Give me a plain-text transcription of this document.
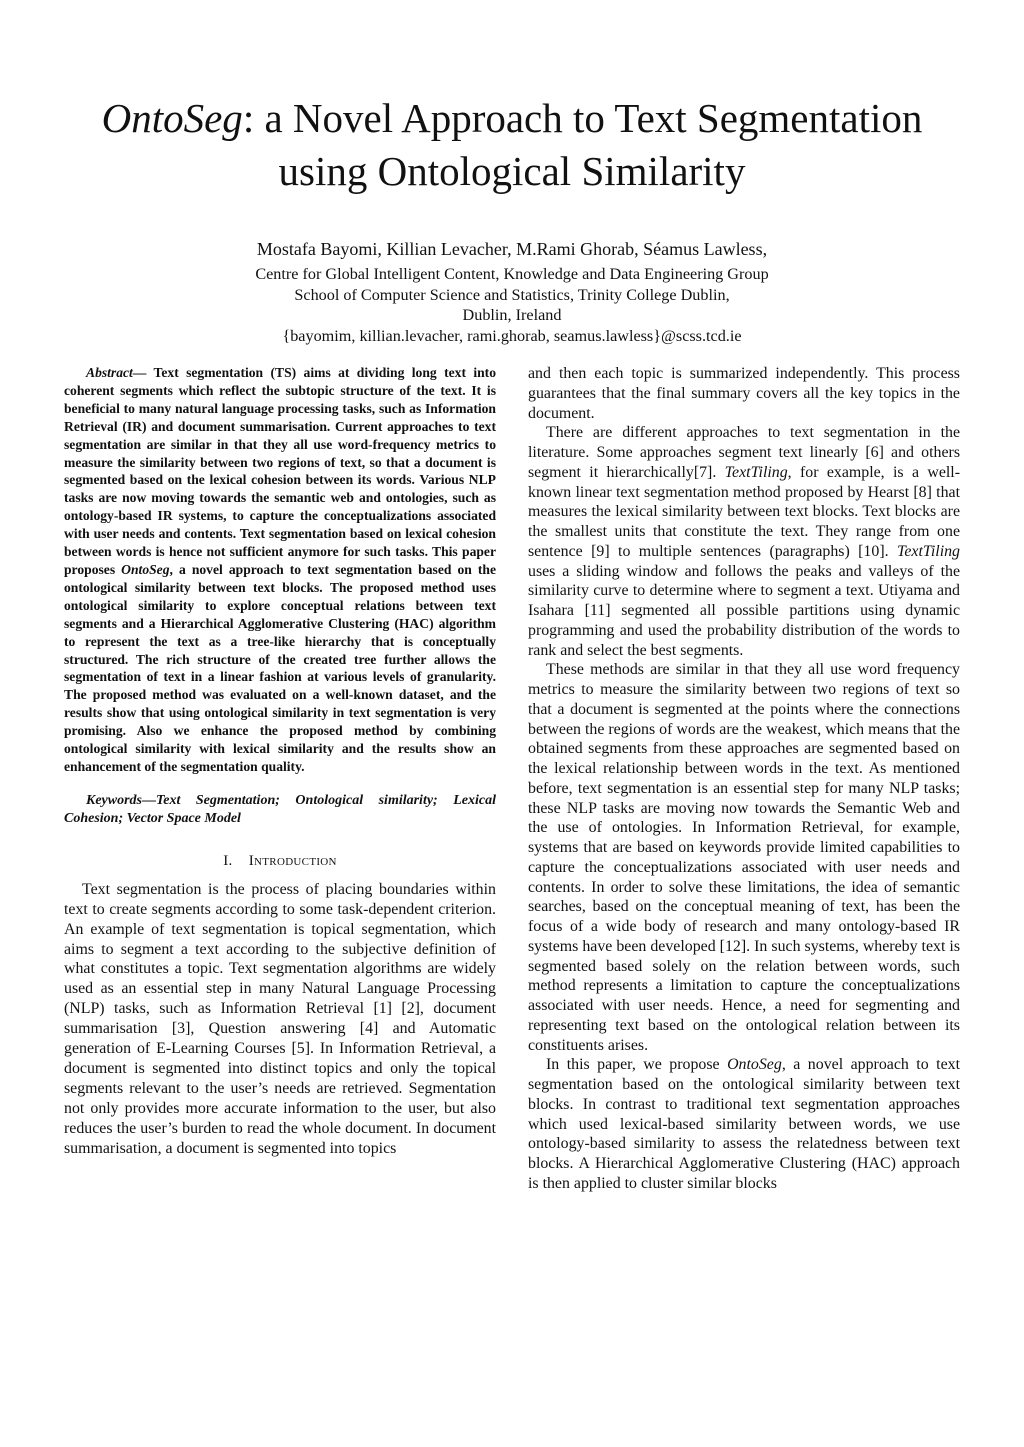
OntoSeg: a Novel Approach to Text Segmentation
using Ontological Similarity

Mostafa Bayomi, Killian Levacher, M.Rami Ghorab, Séamus Lawless,

Centre for Global Intelligent Content, Knowledge and Data Engineering Group
School of Computer Science and Statistics, Trinity College Dublin,
Dublin, Ireland
{bayomim, killian.levacher, rami.ghorab, seamus.lawless}@scss.tcd.ie

Abstract— Text segmentation (TS) aims at dividing long text into coherent segments which reflect the subtopic structure of the text. It is beneficial to many natural language processing tasks, such as Information Retrieval (IR) and document summarisation. Current approaches to text segmentation are similar in that they all use word-frequency metrics to measure the similarity between two regions of text, so that a document is segmented based on the lexical cohesion between its words. Various NLP tasks are now moving towards the semantic web and ontologies, such as ontology-based IR systems, to capture the conceptualizations associated with user needs and contents. Text segmentation based on lexical cohesion between words is hence not sufficient anymore for such tasks. This paper proposes OntoSeg, a novel approach to text segmentation based on the ontological similarity between text blocks. The proposed method uses ontological similarity to explore conceptual relations between text segments and a Hierarchical Agglomerative Clustering (HAC) algorithm to represent the text as a tree-like hierarchy that is conceptually structured. The rich structure of the created tree further allows the segmentation of text in a linear fashion at various levels of granularity. The proposed method was evaluated on a well-known dataset, and the results show that using ontological similarity in text segmentation is very promising. Also we enhance the proposed method by combining ontological similarity with lexical similarity and the results show an enhancement of the segmentation quality.

Keywords—Text Segmentation; Ontological similarity; Lexical Cohesion; Vector Space Model

I. Introduction

Text segmentation is the process of placing boundaries within text to create segments according to some task-dependent criterion. An example of text segmentation is topical segmentation, which aims to segment a text according to the subjective definition of what constitutes a topic. Text segmentation algorithms are widely used as an essential step in many Natural Language Processing (NLP) tasks, such as Information Retrieval [1] [2], document summarisation [3], Question answering [4] and Automatic generation of E-Learning Courses [5]. In Information Retrieval, a document is segmented into distinct topics and only the topical segments relevant to the user’s needs are retrieved. Segmentation not only provides more accurate information to the user, but also reduces the user’s burden to read the whole document. In document summarisation, a document is segmented into topics

and then each topic is summarized independently. This process guarantees that the final summary covers all the key topics in the document.

There are different approaches to text segmentation in the literature. Some approaches segment text linearly [6] and others segment it hierarchically[7]. TextTiling, for example, is a well-known linear text segmentation method proposed by Hearst [8] that measures the lexical similarity between text blocks. Text blocks are the smallest units that constitute the text. They range from one sentence [9] to multiple sentences (paragraphs) [10]. TextTiling uses a sliding window and follows the peaks and valleys of the similarity curve to determine where to segment a text. Utiyama and Isahara [11] segmented all possible partitions using dynamic programming and used the probability distribution of the words to rank and select the best segments.

These methods are similar in that they all use word frequency metrics to measure the similarity between two regions of text so that a document is segmented at the points where the connections between the regions of words are the weakest, which means that the obtained segments from these approaches are segmented based on the lexical relationship between words in the text. As mentioned before, text segmentation is an essential step for many NLP tasks; these NLP tasks are moving now towards the Semantic Web and the use of ontologies. In Information Retrieval, for example, systems that are based on keywords provide limited capabilities to capture the conceptualizations associated with user needs and contents. In order to solve these limitations, the idea of semantic searches, based on the conceptual meaning of text, has been the focus of a wide body of research and many ontology-based IR systems have been developed [12]. In such systems, whereby text is segmented based solely on the relation between words, such method represents a limitation to capture the conceptualizations associated with user needs. Hence, a need for segmenting and representing text based on the ontological relation between its constituents arises.

In this paper, we propose OntoSeg, a novel approach to text segmentation based on the ontological similarity between text blocks. In contrast to traditional text segmentation approaches which used lexical-based similarity between words, we use ontology-based similarity to assess the relatedness between text blocks. A Hierarchical Agglomerative Clustering (HAC) approach is then applied to cluster similar blocks
